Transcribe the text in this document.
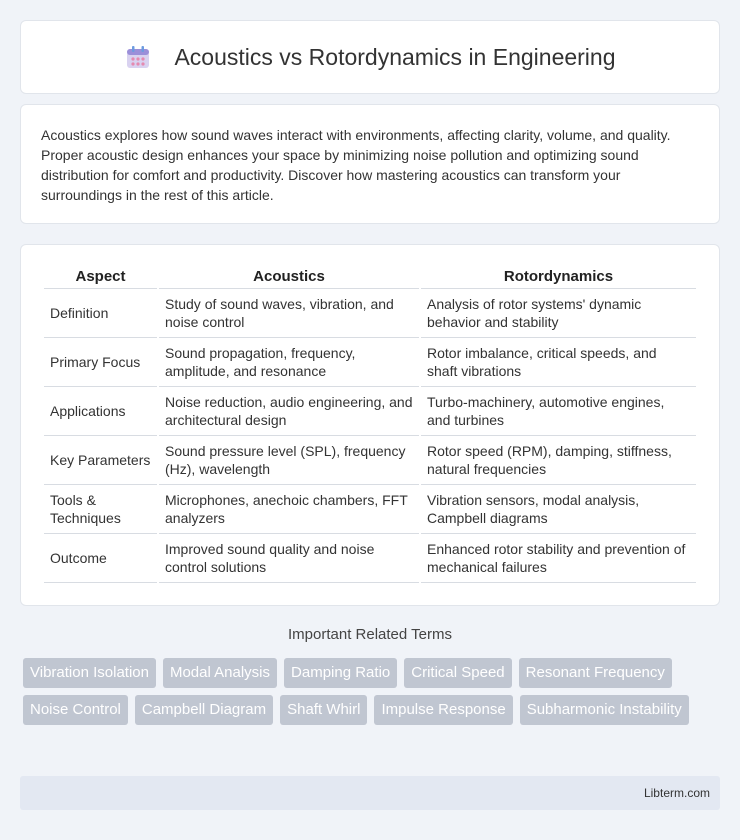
Acoustics vs Rotordynamics in Engineering

Acoustics explores how sound waves interact with environments, affecting clarity, volume, and quality. Proper acoustic design enhances your space by minimizing noise pollution and optimizing sound distribution for comfort and productivity. Discover how mastering acoustics can transform your surroundings in the rest of this article.

Aspect	Acoustics	Rotordynamics
Definition	Study of sound waves, vibration, and noise control	Analysis of rotor systems' dynamic behavior and stability
Primary Focus	Sound propagation, frequency, amplitude, and resonance	Rotor imbalance, critical speeds, and shaft vibrations
Applications	Noise reduction, audio engineering, and architectural design	Turbo-machinery, automotive engines, and turbines
Key Parameters	Sound pressure level (SPL), frequency (Hz), wavelength	Rotor speed (RPM), damping, stiffness, natural frequencies
Tools & Techniques	Microphones, anechoic chambers, FFT analyzers	Vibration sensors, modal analysis, Campbell diagrams
Outcome	Improved sound quality and noise control solutions	Enhanced rotor stability and prevention of mechanical failures
Important Related Terms
Vibration Isolation	Modal Analysis	Damping Ratio	Critical Speed	Resonant Frequency
Noise Control	Campbell Diagram	Shaft Whirl	Impulse Response	Subharmonic Instability
Libterm.com
